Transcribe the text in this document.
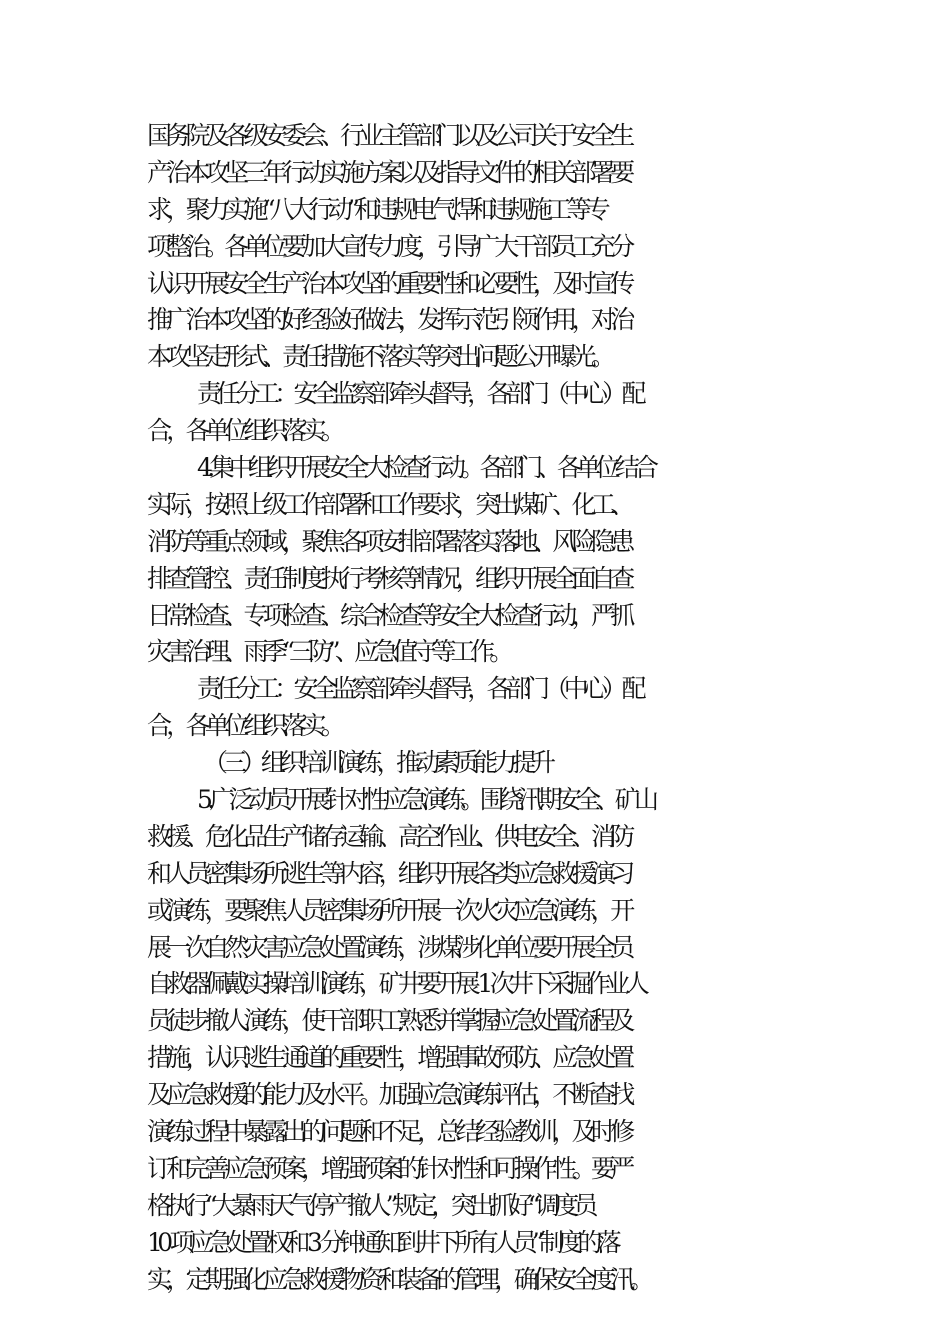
国务院及各级安委会、行业主管部门以及公司关于安全生
产治本攻坚三年行动实施方案以及指导文件的相关部署要
求，聚力实施“八大行动”和违规电气焊和违规施工等专
项整治。各单位要加大宣传力度，引导广大干部员工充分
认识开展安全生产治本攻坚的重要性和必要性，及时宣传
推广治本攻坚的好经验好做法，发挥示范引领作用，对治
本攻坚走形式、责任措施不落实等突出问题公开曝光。
责任分工：安全监察部牵头督导，各部门（中心）配
合，各单位组织落实。
4.集中组织开展安全大检查行动。各部门、各单位结合
实际，按照上级工作部署和工作要求，突出煤矿、化工、
消防等重点领域，聚焦各项安排部署落实落地、风险隐患
排查管控、责任制度执行考核等情况，组织开展全面自查
日常检查、专项检查、综合检查等安全大检查行动，严抓
灾害治理、雨季“三防”、应急值守等工作。
责任分工：安全监察部牵头督导，各部门（中心）配
合，各单位组织落实。
（三）组织培训演练，推动素质能力提升
5.广泛动员开展针对性应急演练。围绕汛期安全、矿山
救援、危化品生产储存运输、高空作业、供电安全、消防
和人员密集场所逃生等内容，组织开展各类应急救援演习
或演练，要聚焦人员密集场所开展一次火灾应急演练，开
展一次自然灾害应急处置演练，涉煤涉化单位要开展全员
自救器佩戴实操培训演练，矿井要开展 1 次井下采掘作业人
员徒步撤人演练，使干部职工熟悉并掌握应急处置流程及
措施，认识逃生通道的重要性，增强事故预防、应急处置
及应急救援的能力及水平。加强应急演练评估，不断查找
演练过程中暴露出的问题和不足，总结经验教训，及时修
订和完善应急预案，增强预案的针对性和可操作性。要严
格执行“大暴雨天气停产撤人”规定，突出抓好“调度员
10 项应急处置权和 3 分钟通知到井下所有人员”制度的落
实，定期强化应急救援物资和装备的管理，确保安全度汛。
